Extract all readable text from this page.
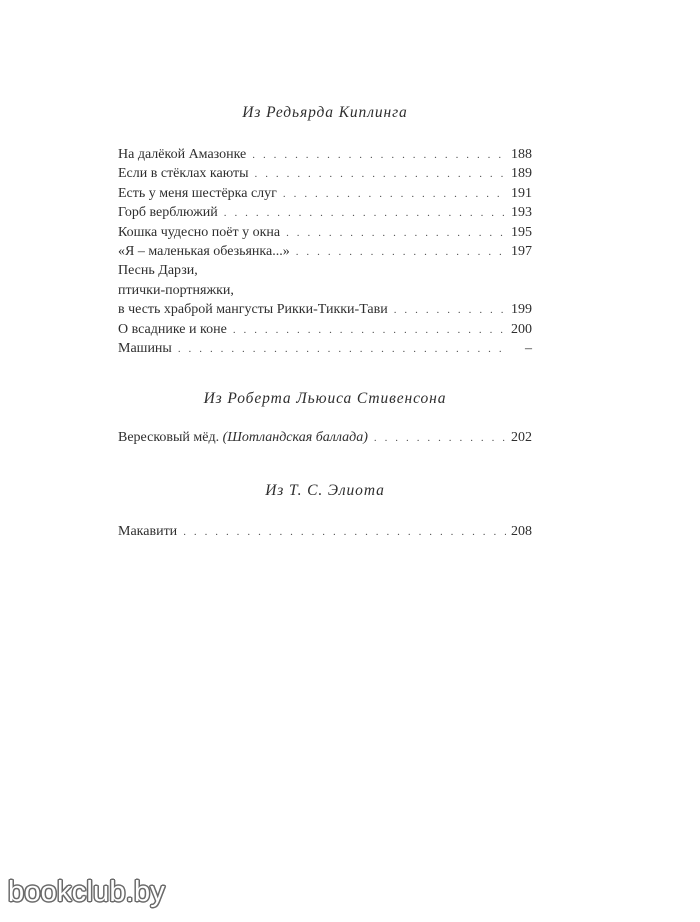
Из Редьярда Киплинга
На далёкой Амазонке . . .	188
Если в стёклах каюты . . .	189
Есть у меня шестёрка слуг . . .	191
Горб верблюжий . . .	193
Кошка чудесно поёт у окна . . .	195
«Я – маленькая обезьянка...» . . .	197
Песнь Дарзи,
птички-портняжки,
в честь храброй мангусты Рикки-Тикки-Тави . . .	199
О всаднике и коне . . .	200
Машины . . .	–
Из Роберта Льюиса Стивенсона
Вересковый мёд. (Шотландская баллада) . . .	202
Из Т. С. Элиота
Макавити . . .	208
bookclub.by
